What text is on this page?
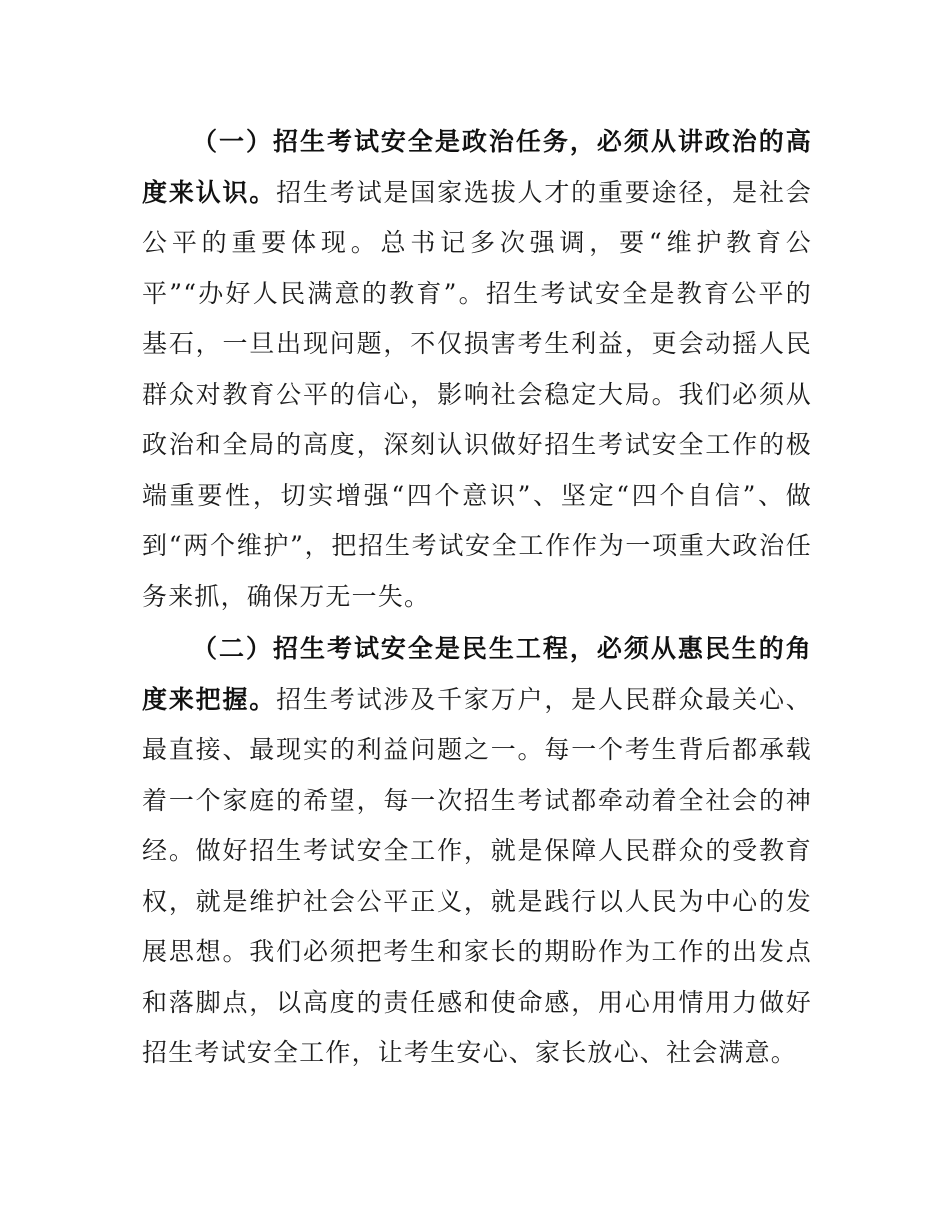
（一）招生考试安全是政治任务，必须从讲政治的高度来认识。招生考试是国家选拔人才的重要途径，是社会公平的重要体现。总书记多次强调，要“维护教育公平”“办好人民满意的教育”。招生考试安全是教育公平的基石，一旦出现问题，不仅损害考生利益，更会动摇人民群众对教育公平的信心，影响社会稳定大局。我们必须从政治和全局的高度，深刻认识做好招生考试安全工作的极端重要性，切实增强“四个意识”、坚定“四个自信”、做到“两个维护”，把招生考试安全工作作为一项重大政治任务来抓，确保万无一失。

（二）招生考试安全是民生工程，必须从惠民生的角度来把握。招生考试涉及千家万户，是人民群众最关心、最直接、最现实的利益问题之一。每一个考生背后都承载着一个家庭的希望，每一次招生考试都牵动着全社会的神经。做好招生考试安全工作，就是保障人民群众的受教育权，就是维护社会公平正义，就是践行以人民为中心的发展思想。我们必须把考生和家长的期盼作为工作的出发点和落脚点，以高度的责任感和使命感，用心用情用力做好招生考试安全工作，让考生安心、家长放心、社会满意。
